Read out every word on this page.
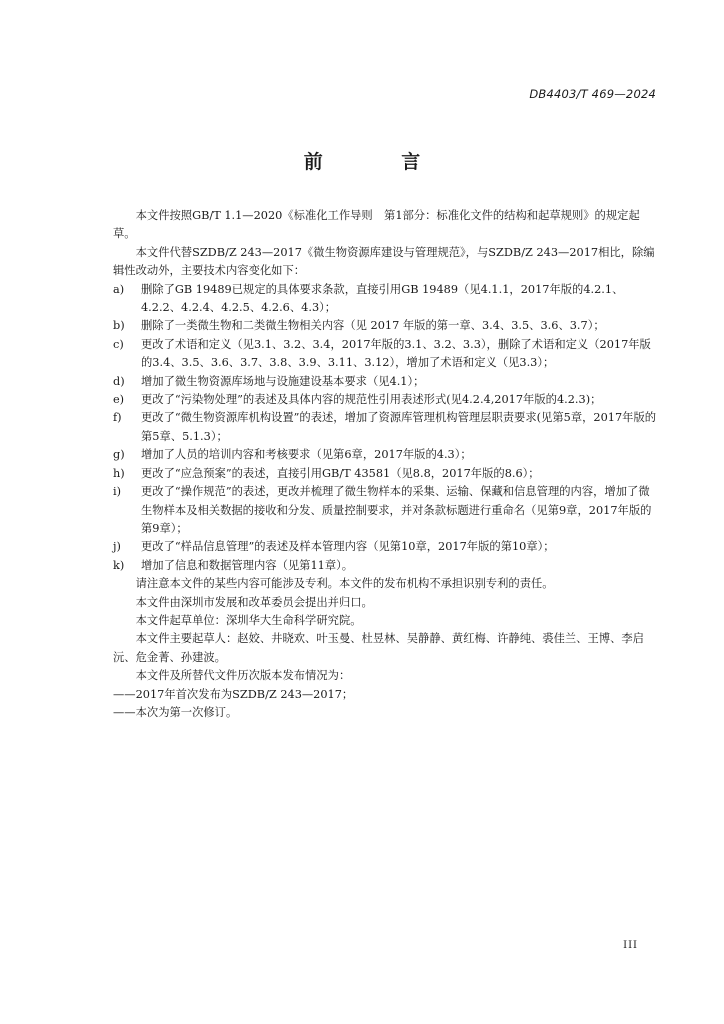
DB4403/T 469—2024
前 言

本文件按照GB/T 1.1—2020《标准化工作导则　第1部分：标准化文件的结构和起草规则》的规定起草。

本文件代替SZDB/Z 243—2017《微生物资源库建设与管理规范》，与SZDB/Z 243—2017相比，除编辑性改动外，主要技术内容变化如下：

a)	删除了GB 19489已规定的具体要求条款，直接引用GB 19489（见4.1.1，2017年版的4.2.1、4.2.2、4.2.4、4.2.5、4.2.6、4.3）；
b)	删除了一类微生物和二类微生物相关内容（见 2017 年版的第一章、3.4、3.5、3.6、3.7）；
c)	更改了术语和定义（见3.1、3.2、3.4，2017年版的3.1、3.2、3.3），删除了术语和定义（2017年版的3.4、3.5、3.6、3.7、3.8、3.9、3.11、3.12），增加了术语和定义（见3.3）；
d)	增加了微生物资源库场地与设施建设基本要求（见4.1）；
e)	更改了“污染物处理”的表述及具体内容的规范性引用表述形式(见4.2.4,2017年版的4.2.3)；
f)	更改了“微生物资源库机构设置”的表述，增加了资源库管理机构管理层职责要求(见第5章，2017年版的第5章、5.1.3）；
g)	增加了人员的培训内容和考核要求（见第6章，2017年版的4.3）；
h)	更改了“应急预案”的表述，直接引用GB/T 43581（见8.8，2017年版的8.6）；
i)	更改了“操作规范”的表述，更改并梳理了微生物样本的采集、运输、保藏和信息管理的内容，增加了微生物样本及相关数据的接收和分发、质量控制要求，并对条款标题进行重命名（见第9章，2017年版的第9章）；
j)	更改了“样品信息管理”的表述及样本管理内容（见第10章，2017年版的第10章）；
k)	增加了信息和数据管理内容（见第11章）。

请注意本文件的某些内容可能涉及专利。本文件的发布机构不承担识别专利的责任。

本文件由深圳市发展和改革委员会提出并归口。

本文件起草单位：深圳华大生命科学研究院。

本文件主要起草人：赵姣、井晓欢、叶玉曼、杜昱林、吴静静、黄红梅、许静纯、裘佳兰、王博、李启沅、危金菁、孙建波。

本文件及所替代文件历次版本发布情况为：

——2017年首次发布为SZDB/Z 243—2017；

——本次为第一次修订。

III
